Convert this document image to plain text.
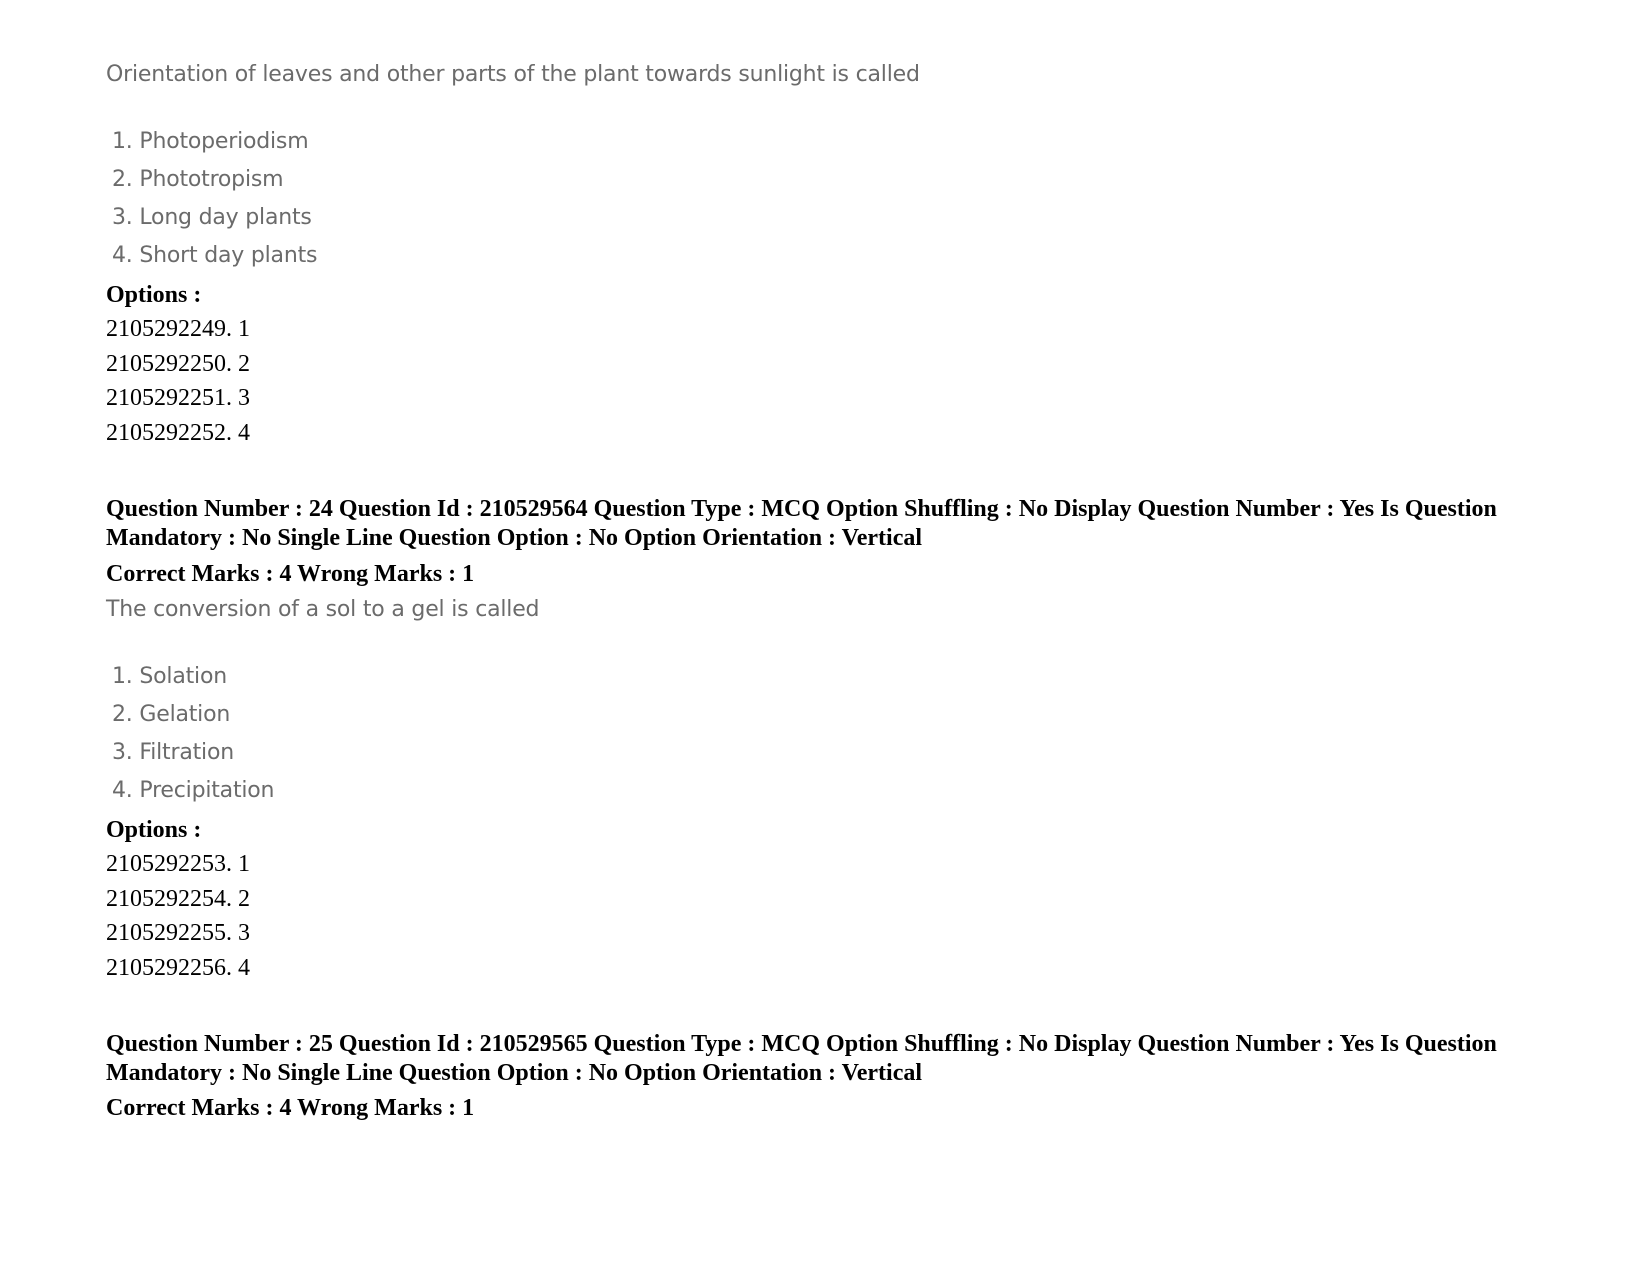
Orientation of leaves and other parts of the plant towards sunlight is called

1. Photoperiodism
2. Phototropism
3. Long day plants
4. Short day plants
Options :
2105292249. 1
2105292250. 2
2105292251. 3
2105292252. 4

Question Number : 24 Question Id : 210529564 Question Type : MCQ Option Shuffling : No Display Question Number : Yes Is Question

Mandatory : No Single Line Question Option : No Option Orientation : Vertical

Correct Marks : 4 Wrong Marks : 1

The conversion of a sol to a gel is called

1. Solation
2. Gelation
3. Filtration
4. Precipitation
Options :
2105292253. 1
2105292254. 2
2105292255. 3
2105292256. 4

Question Number : 25 Question Id : 210529565 Question Type : MCQ Option Shuffling : No Display Question Number : Yes Is Question

Mandatory : No Single Line Question Option : No Option Orientation : Vertical

Correct Marks : 4 Wrong Marks : 1
